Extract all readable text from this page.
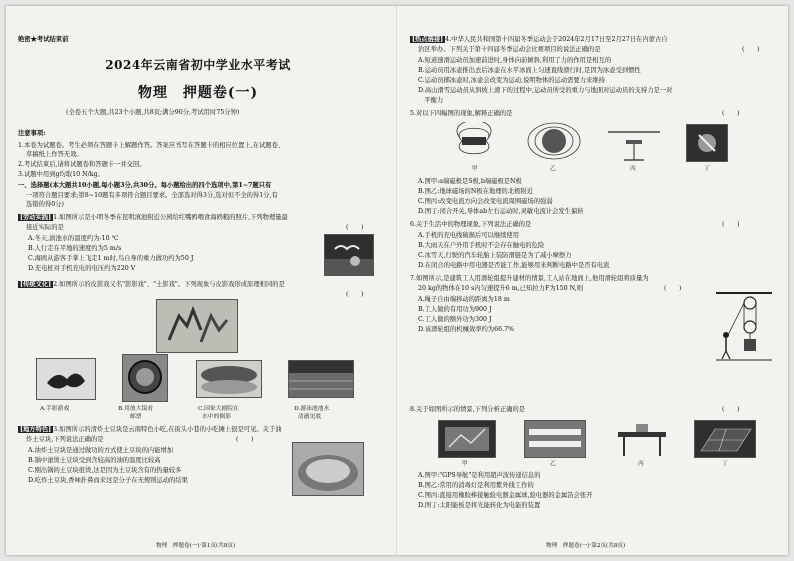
绝密★考试结束前
2024年云南省初中学业水平考试
物理　押题卷(一)
(全卷五个大题,共23个小题,共8页;满分90分,考试用时75分钟)
注意事项:
1.本卷为试题卷。考生必须在答题卡上解题作答。答案应书写在答题卡的相应位置上,在试题卷、
草稿纸上作答无效。
2.考试结束后,请将试题卷和答题卡一并交回。
3.试题中用到g均取10 N/kg。
一、选择题(本大题共10小题,每小题3分,共30分。每小题给出的四个选项中,第1~7题只有
一项符合题目要求;第8~10题有多项符合题目要求。全部选对得3分,选对但不全的得1分,有
选错的得0分)
[劳动实践] 1.如图所示是小明冬季在昆明滇池附近公园给红嘴鸥喂食海鸥粮的照片,下列物理量最
接近实际的是	(　　)
A.冬天,滇池水的温度约为-10 ℃
B.人行走在平地的速度约为5 m/s
C.海鸥从游客手掌上飞走1 m时,鸟自身的重力做功约为50 J
D.充电桩对手机充电的电压约为220 V
[传统文化] 2.如图所示的皮影戏又名"影影戏"、"土影戏"。下列现象与皮影戏形成原理相同的是
(　　)
A.手影游戏	B.用放大镜看	C.国家大剧院在	D.游泳池池水
邮票	水中的倒影	清澈见底
[地方特色] 3.如图所示的清炸土豆块是云南特色小吃,在街头小巷的小吃摊上很是可见。关于油
炸土豆块,下列说法正确的是	(　　)
A.油炸土豆块是通过做功的方式使土豆块的内能增加
B.锅中滚烫土豆块受到含较高的油的温度比较高
C.刚出锅的土豆块很烫,这是因为土豆块含有的热量较多
D.吃炸土豆块,香味扑鼻而来这是分子在无规则运动的结果
物理　押题卷(一)·第1页(共8页)
[热点链接] 4.中华人民共和国第十四届冬季运动会于2024年2月17日至2月27日在内蒙古自
治区举办。下列关于第十四届冬季运动会比赛项目的说法正确的是	(　　)
A.短道速滑运动员加速前进时,身体向前倾斜,利用了力的作用是相互的
B.运动员用冰壶推出去后冰壶在水平冰面上匀速直线滑行时,是因为冰壶受到惯性
C.运动员掷冰壶时,冰壶会改变为运动,说明物体的运动需要力来维持
D.高山滑雪运动员从斜坡上滑下的过程中,运动员所受的重力与地面对运动员的支持力是一对
　平衡力
5.对以下四幅图的现象,解释正确的是	(　　)
甲	乙	丙	丁
A.图甲:a端磁极是S极,b端磁极是N极
B.图乙:地球磁场的N极在地理的北极附近
C.图丙:改变电流方向会改变电流周围磁场的强弱
D.图丁:闭合开关,导体ab左右运动时,灵敏电流计会发生偏转
6.关于生活中的物理现象,下列说法正确的是	(　　)
A.手机的充电线破损后可以继续使用
B.大雨天在户外用手机时不会存在触电的危险
C.冰雪天,行驶的汽车轮胎上装防滑链是为了减小摩擦力
D.在闭合的电路中用电器是否能工作,能够用来判断电路中是否有电流
7.如图所示,是建筑工人用滑轮组提升建材的情景,工人站在地面上,他用滑轮组将质量为
20 kg的物体在10 s内匀速提升6 m,已知拉力F为150 N,则	(　　)
A.绳子自由端移动的距离为18 m
B.工人做的有用功为900 J
C.工人做的额外功为300 J
D.该滑轮组的机械效率约为66.7%
8.关于如图所示的情景,下列分析正确的是	(　　)
甲	乙	丙	丁
A.图甲:"GPS导航"是利用超声波传递信息的
B.图乙:常用的消毒灯是利用紫外线工作的
C.图丙:直接用橡胶棒接触验电器金属球,验电器的金属箔会张开
D.图丁:太阳能板是将光能转化为电能的装置
物理　押题卷(一)·第2页(共8页)
